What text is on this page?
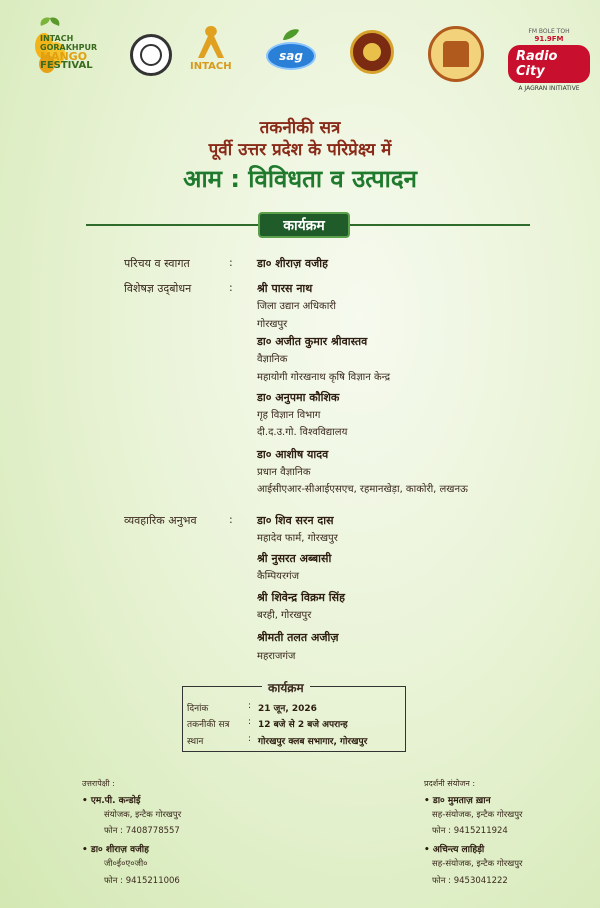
INTACH
GORAKHPUR
MANGO
FESTIVAL	INTACH
sag
FM BOLE TOH
91.9FM
Radio City
A JAGRAN INITIATIVE
तकनीकी सत्र
पूर्वी उत्तर प्रदेश के परिप्रेक्ष्य में
आम : विविधता व उत्पादन
कार्यक्रम
परिचय व स्वागत	: डा० शीराज़ वजीह
विशेषज्ञ उद्‌बोधन	: श्री पारस नाथ
जिला उद्यान अधिकारी
गोरखपुर
डा० अजीत कुमार श्रीवास्तव
वैज्ञानिक
महायोगी गोरखनाथ कृषि विज्ञान केन्द्र
डा० अनुपमा कौशिक
गृह विज्ञान विभाग
दी.द.उ.गो. विश्वविद्यालय
डा० आशीष यादव
प्रधान वैज्ञानिक
आईसीएआर-सीआईएसएच, रहमानखेड़ा, काकोरी, लखनऊ
व्यवहारिक अनुभव	: डा० शिव सरन दास
महादेव फार्म, गोरखपुर
श्री नुसरत अब्बासी
कैम्पियरगंज
श्री शिवेन्द्र विक्रम सिंह
बरही, गोरखपुर
श्रीमती तलत अजीज़
महराजगंज
कार्यक्रम
दिनांक	: 21 जून, 2026
तकनीकी सत्र : 12 बजे से 2 बजे अपरान्ह
स्थान	: गोरखपुर क्लब सभागार, गोरखपुर
उत्तरापेक्षी :
• एम.पी. कन्डोई
संयोजक, इन्टैक गोरखपुर
फोन : 7408778557
• डा० शीराज़ वजीह
जी०ई०ए०जी०
फोन : 9415211006
प्रदर्शनी संयोजन :
• डा० मुमताज़ ख़ान
सह-संयोजक, इन्टैक गोरखपुर
फोन : 9415211924
• अचिन्त्य लाहिड़ी
सह-संयोजक, इन्टैक गोरखपुर
फोन : 9453041222
